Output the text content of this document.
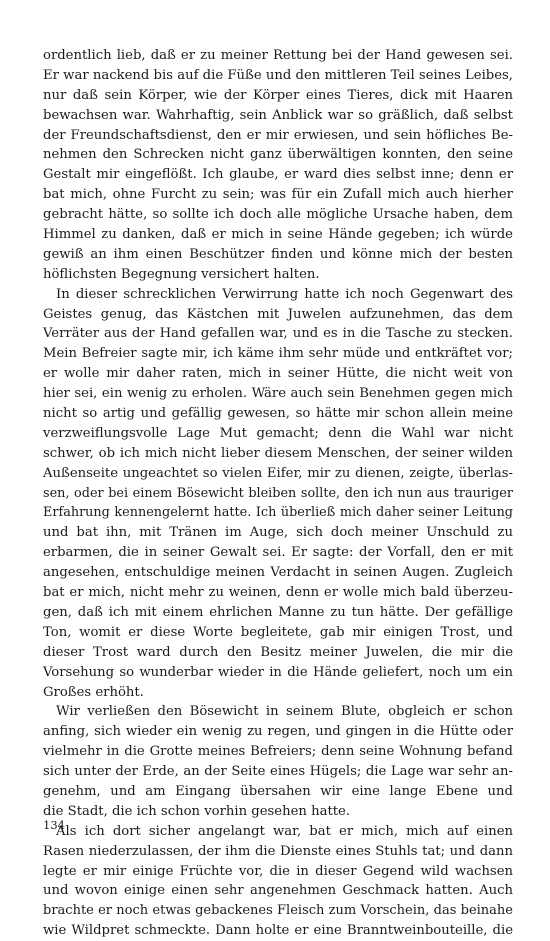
ordentlich lieb, daß er zu meiner Rettung bei der Hand gewesen sei.
Er war nackend bis auf die Füße und den mittleren Teil seines Leibes,
nur daß sein Körper, wie der Körper eines Tieres, dick mit Haaren
bewachsen war. Wahrhaftig, sein Anblick war so gräßlich, daß selbst
der Freundschaftsdienst, den er mir erwiesen, und sein höfliches Be-
nehmen den Schrecken nicht ganz überwältigen konnten, den seine
Gestalt mir eingeflößt. Ich glaube, er ward dies selbst inne; denn er
bat mich, ohne Furcht zu sein; was für ein Zufall mich auch hierher
gebracht hätte, so sollte ich doch alle mögliche Ursache haben, dem
Himmel zu danken, daß er mich in seine Hände gegeben; ich würde
gewiß an ihm einen Beschützer finden und könne mich der besten
höflichsten Begegnung versichert halten.
In dieser schrecklichen Verwirrung hatte ich noch Gegenwart des
Geistes genug, das Kästchen mit Juwelen aufzunehmen, das dem
Verräter aus der Hand gefallen war, und es in die Tasche zu stecken.
Mein Befreier sagte mir, ich käme ihm sehr müde und entkräftet vor;
er wolle mir daher raten, mich in seiner Hütte, die nicht weit von
hier sei, ein wenig zu erholen. Wäre auch sein Benehmen gegen mich
nicht so artig und gefällig gewesen, so hätte mir schon allein meine
verzweiflungsvolle Lage Mut gemacht; denn die Wahl war nicht
schwer, ob ich mich nicht lieber diesem Menschen, der seiner wilden
Außenseite ungeachtet so vielen Eifer, mir zu dienen, zeigte, überlas-
sen, oder bei einem Bösewicht bleiben sollte, den ich nun aus trauriger
Erfahrung kennengelernt hatte. Ich überließ mich daher seiner Leitung
und bat ihn, mit Tränen im Auge, sich doch meiner Unschuld zu
erbarmen, die in seiner Gewalt sei. Er sagte: der Vorfall, den er mit
angesehen, entschuldige meinen Verdacht in seinen Augen. Zugleich
bat er mich, nicht mehr zu weinen, denn er wolle mich bald überzeu-
gen, daß ich mit einem ehrlichen Manne zu tun hätte. Der gefällige
Ton, womit er diese Worte begleitete, gab mir einigen Trost, und
dieser Trost ward durch den Besitz meiner Juwelen, die mir die
Vorsehung so wunderbar wieder in die Hände geliefert, noch um ein
Großes erhöht.
Wir verließen den Bösewicht in seinem Blute, obgleich er schon
anfing, sich wieder ein wenig zu regen, und gingen in die Hütte oder
vielmehr in die Grotte meines Befreiers; denn seine Wohnung befand
sich unter der Erde, an der Seite eines Hügels; die Lage war sehr an-
genehm, und am Eingang übersahen wir eine lange Ebene und
die Stadt, die ich schon vorhin gesehen hatte.
Als ich dort sicher angelangt war, bat er mich, mich auf einen
Rasen niederzulassen, der ihm die Dienste eines Stuhls tat; und dann
legte er mir einige Früchte vor, die in dieser Gegend wild wachsen
und wovon einige einen sehr angenehmen Geschmack hatten. Auch
brachte er noch etwas gebackenes Fleisch zum Vorschein, das beinahe
wie Wildpret schmeckte. Dann holte er eine Branntweinbouteille, die
134
